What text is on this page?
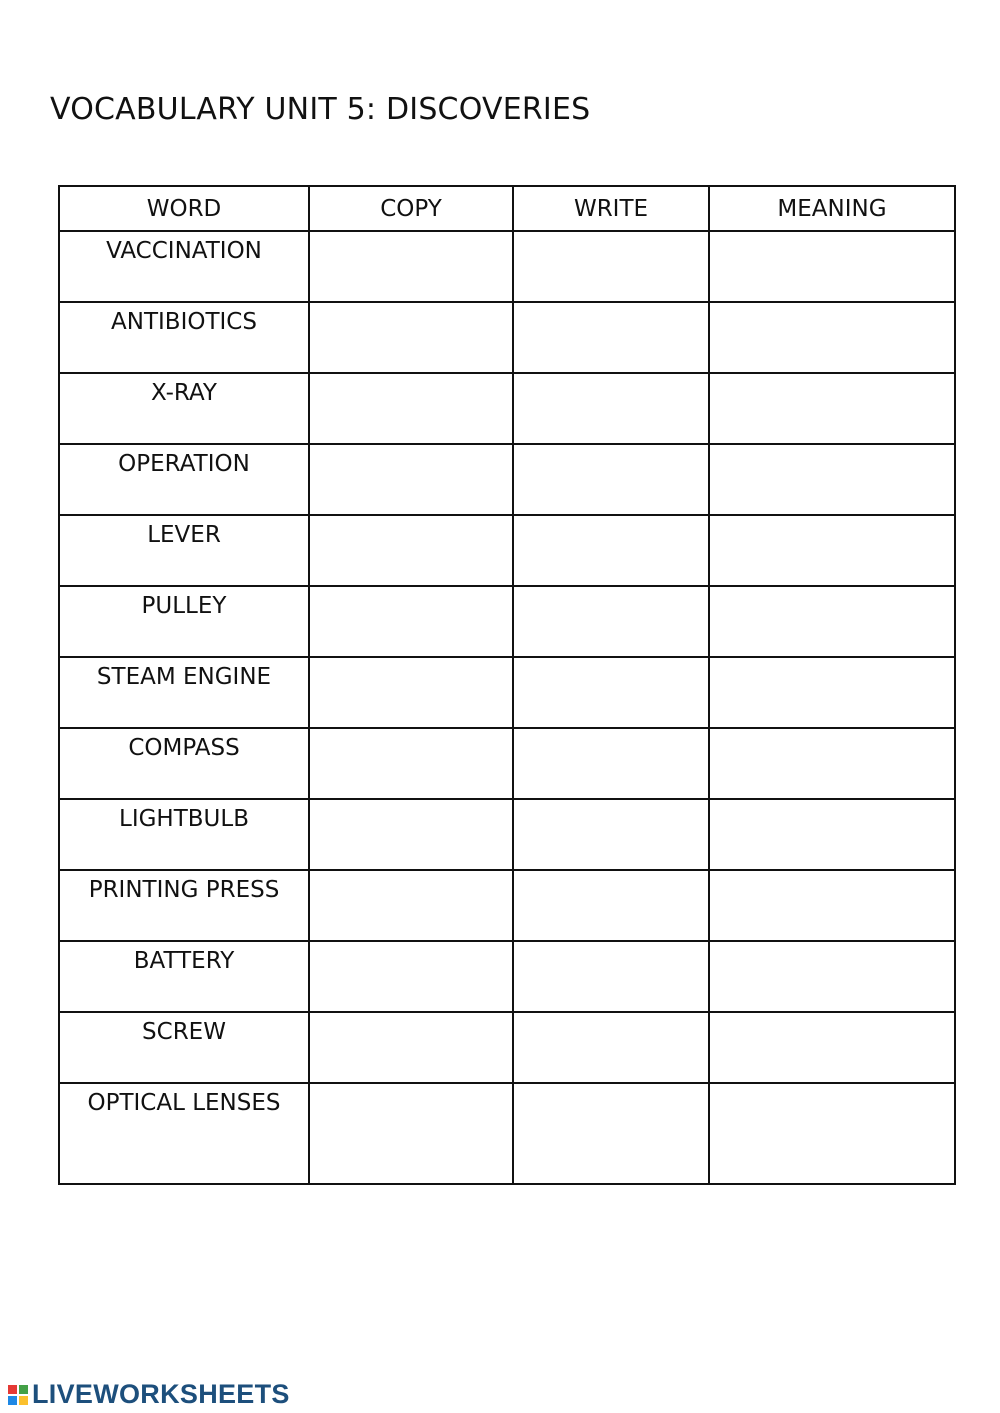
VOCABULARY UNIT 5: DISCOVERIES
WORD	COPY	WRITE	MEANING
VACCINATION			
ANTIBIOTICS			
X-RAY			
OPERATION			
LEVER			
PULLEY			
STEAM ENGINE			
COMPASS			
LIGHTBULB			
PRINTING PRESS			
BATTERY			
SCREW			
OPTICAL LENSES			
LIVEWORKSHEETS
